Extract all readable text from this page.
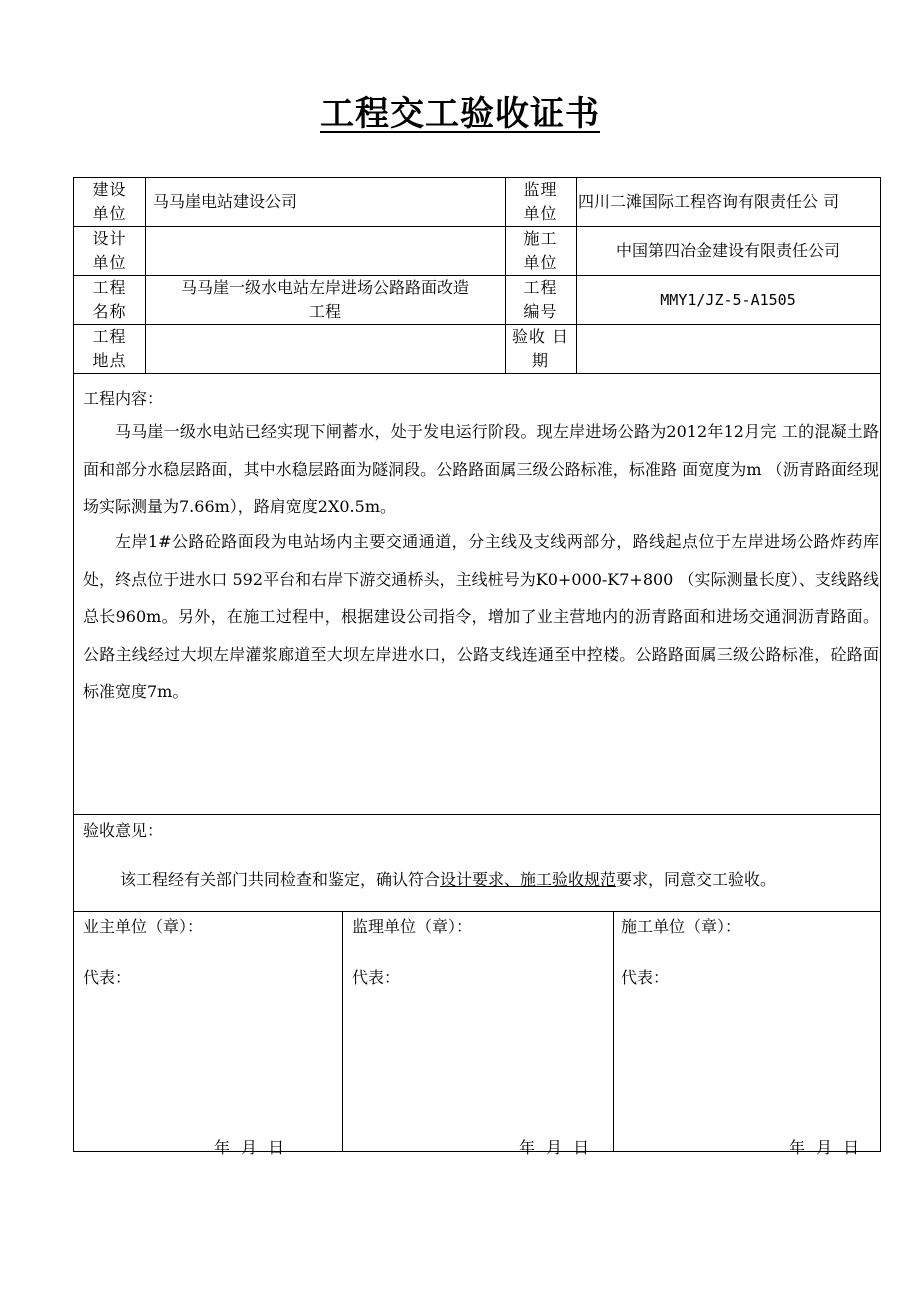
工程交工验收证书
建设
单位
马马崖电站建设公司
监理
单位
四川二滩国际工程咨询有限责任公 司
设计
单位
施工
单位
中国第四冶金建设有限责任公司
工程
名称
马马崖一级水电站左岸进场公路路面改造
工程
工程
编号
MMY1/JZ-5-A1505
工程
地点
验收 日
期
工程内容：
马马崖一级水电站已经实现下闸蓄水，处于发电运行阶段。现左岸进场公路为2012年12月完 工的混凝土路面和部分水稳层路面，其中水稳层路面为隧洞段。公路路面属三级公路标准，标准路 面宽度为m （沥青路面经现场实际测量为7.66m），路肩宽度2X0.5m。
左岸1#公路砼路面段为电站场内主要交通通道，分主线及支线两部分，路线起点位于左岸进场公路炸药库处，终点位于进水口 592平台和右岸下游交通桥头，主线桩号为K0+000-K7+800 （实际测量长度）、支线路线总长960m。另外，在施工过程中，根据建设公司指令，增加了业主营地内的沥青路面和进场交通洞沥青路面。公路主线经过大坝左岸灌浆廊道至大坝左岸进水口，公路支线连通至中控楼。公路路面属三级公路标准，砼路面标准宽度7m。
验收意见：
该工程经有关部门共同检查和鉴定，确认符合设计要求、施工验收规范要求，同意交工验收。
业主单位（章）：
代表：
年 月 日
监理单位（章）：
代表：
年 月 日
施工单位（章）：
代表：
年 月 日
